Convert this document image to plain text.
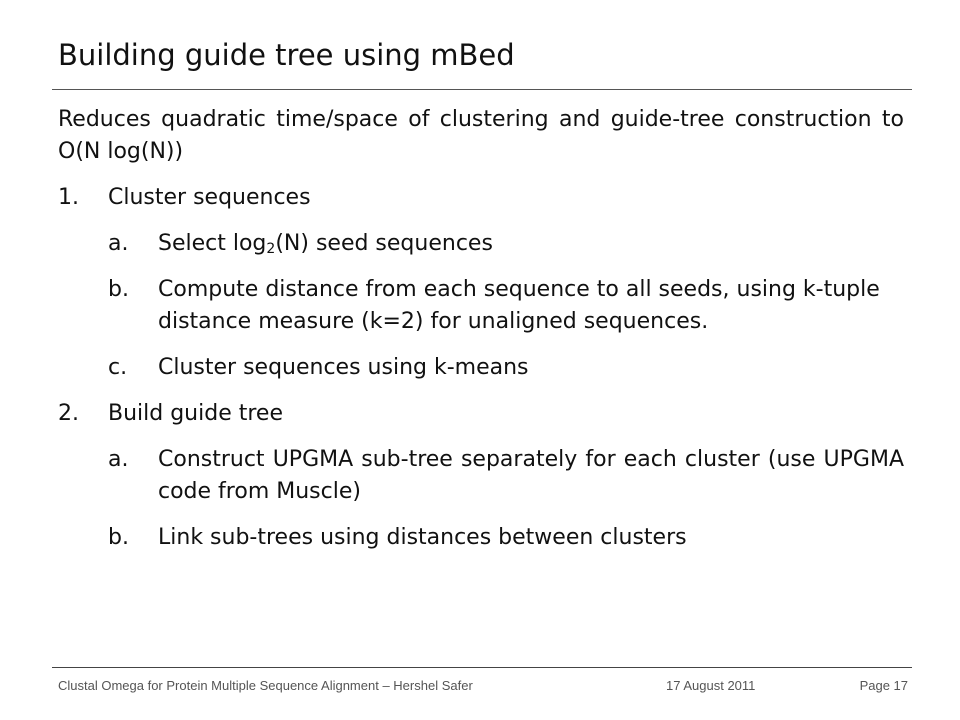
Building guide tree using mBed

Reduces quadratic time/space of clustering and guide-tree construction to O(N log(N))

1.	Cluster sequences
a.	Select $\log_2(N)$ seed sequences
b.	Compute distance from each sequence to all seeds, using k-tuple distance measure (k=2) for unaligned sequences.
c.	Cluster sequences using k-means
2.	Build guide tree
a.	Construct UPGMA sub-tree separately for each cluster (use UPGMA code from Muscle)
b.	Link sub-trees using distances between clusters
Clustal Omega for Protein Multiple Sequence Alignment – Hershel Safer	17 August 2011	Page 17
